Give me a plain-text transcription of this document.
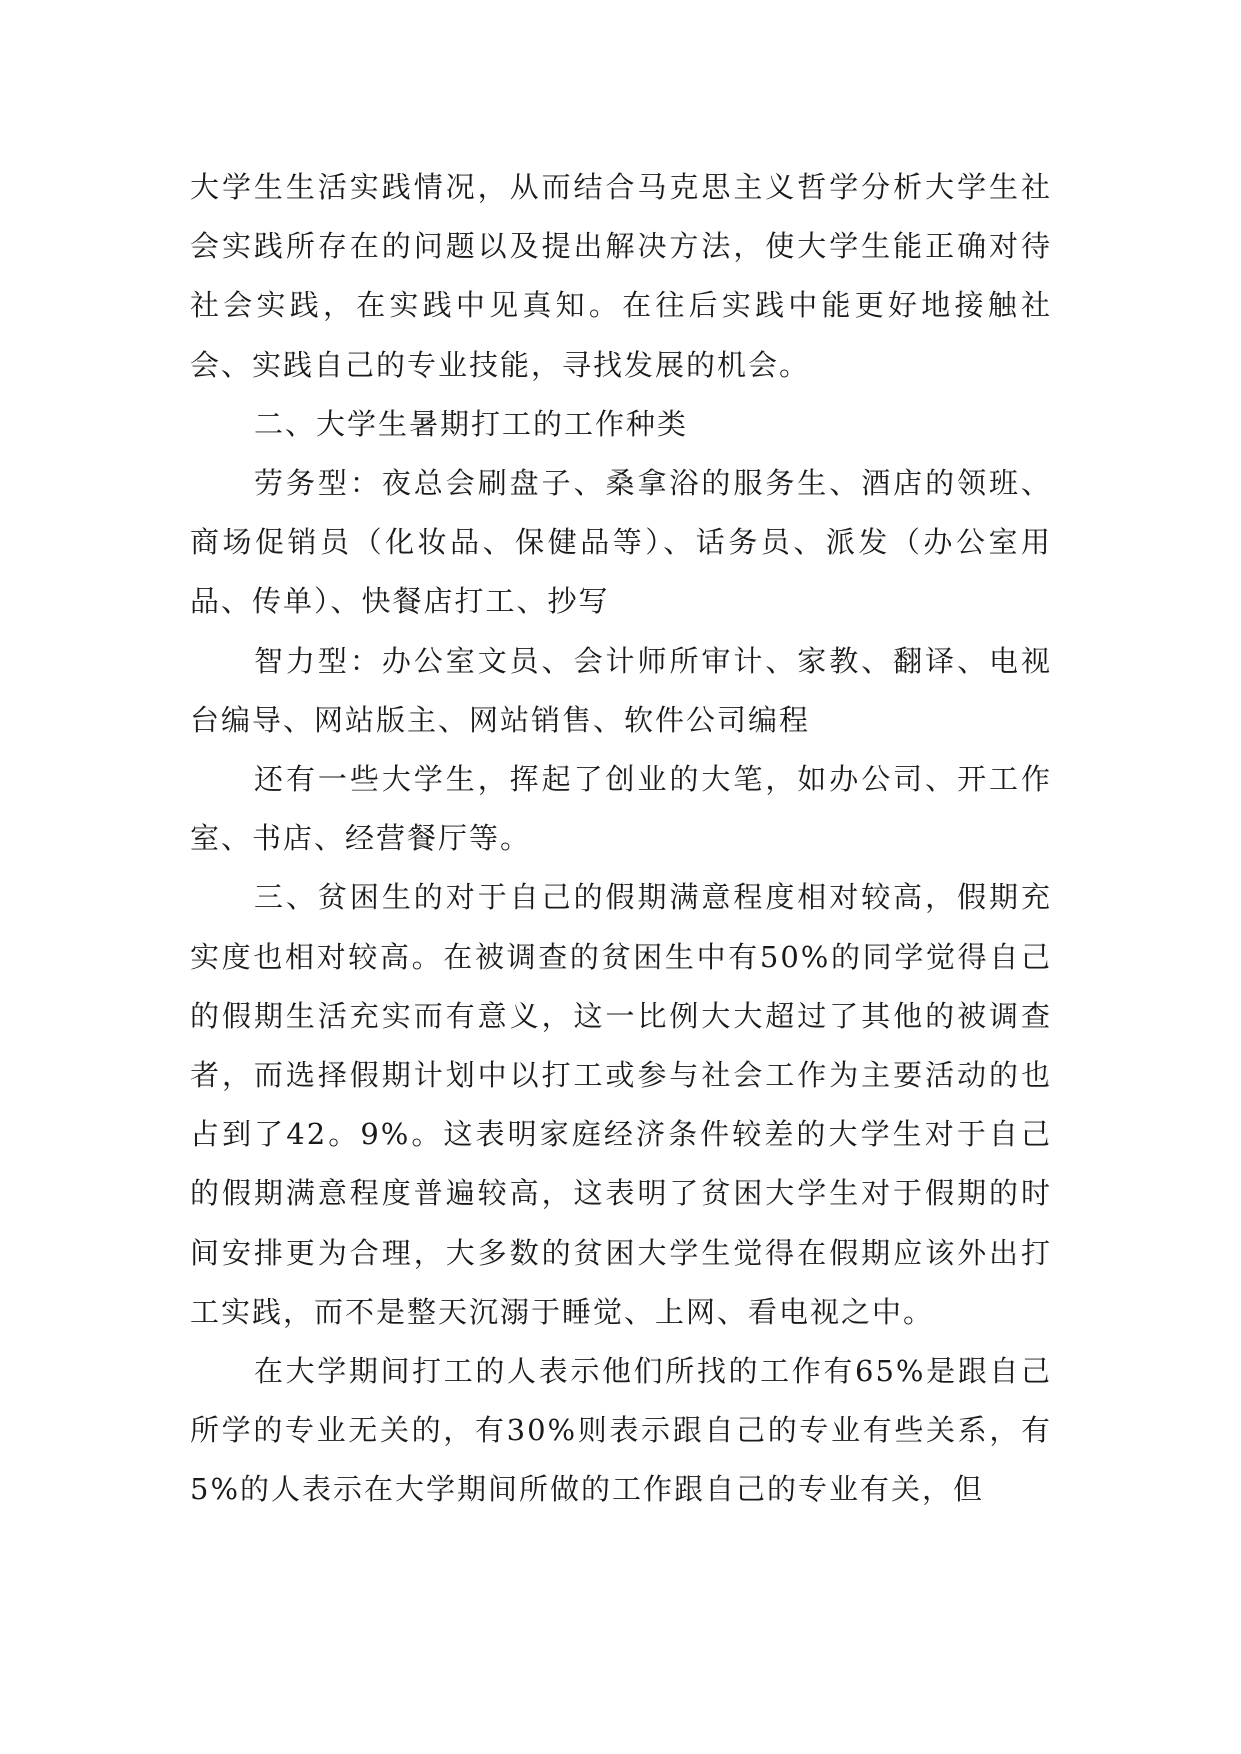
大学生生活实践情况，从而结合马克思主义哲学分析大学生社会实践所存在的问题以及提出解决方法，使大学生能正确对待社会实践，在实践中见真知。在往后实践中能更好地接触社会、实践自己的专业技能，寻找发展的机会。

二、大学生暑期打工的工作种类

劳务型：夜总会刷盘子、桑拿浴的服务生、酒店的领班、商场促销员（化妆品、保健品等）、话务员、派发（办公室用品、传单）、快餐店打工、抄写

智力型：办公室文员、会计师所审计、家教、翻译、电视台编导、网站版主、网站销售、软件公司编程

还有一些大学生，挥起了创业的大笔，如办公司、开工作室、书店、经营餐厅等。

三、贫困生的对于自己的假期满意程度相对较高，假期充实度也相对较高。在被调查的贫困生中有50%的同学觉得自己的假期生活充实而有意义，这一比例大大超过了其他的被调查者，而选择假期计划中以打工或参与社会工作为主要活动的也占到了42。9%。这表明家庭经济条件较差的大学生对于自己的假期满意程度普遍较高，这表明了贫困大学生对于假期的时间安排更为合理，大多数的贫困大学生觉得在假期应该外出打工实践，而不是整天沉溺于睡觉、上网、看电视之中。

在大学期间打工的人表示他们所找的工作有65%是跟自己所学的专业无关的，有30%则表示跟自己的专业有些关系，有5%的人表示在大学期间所做的工作跟自己的专业有关，但
